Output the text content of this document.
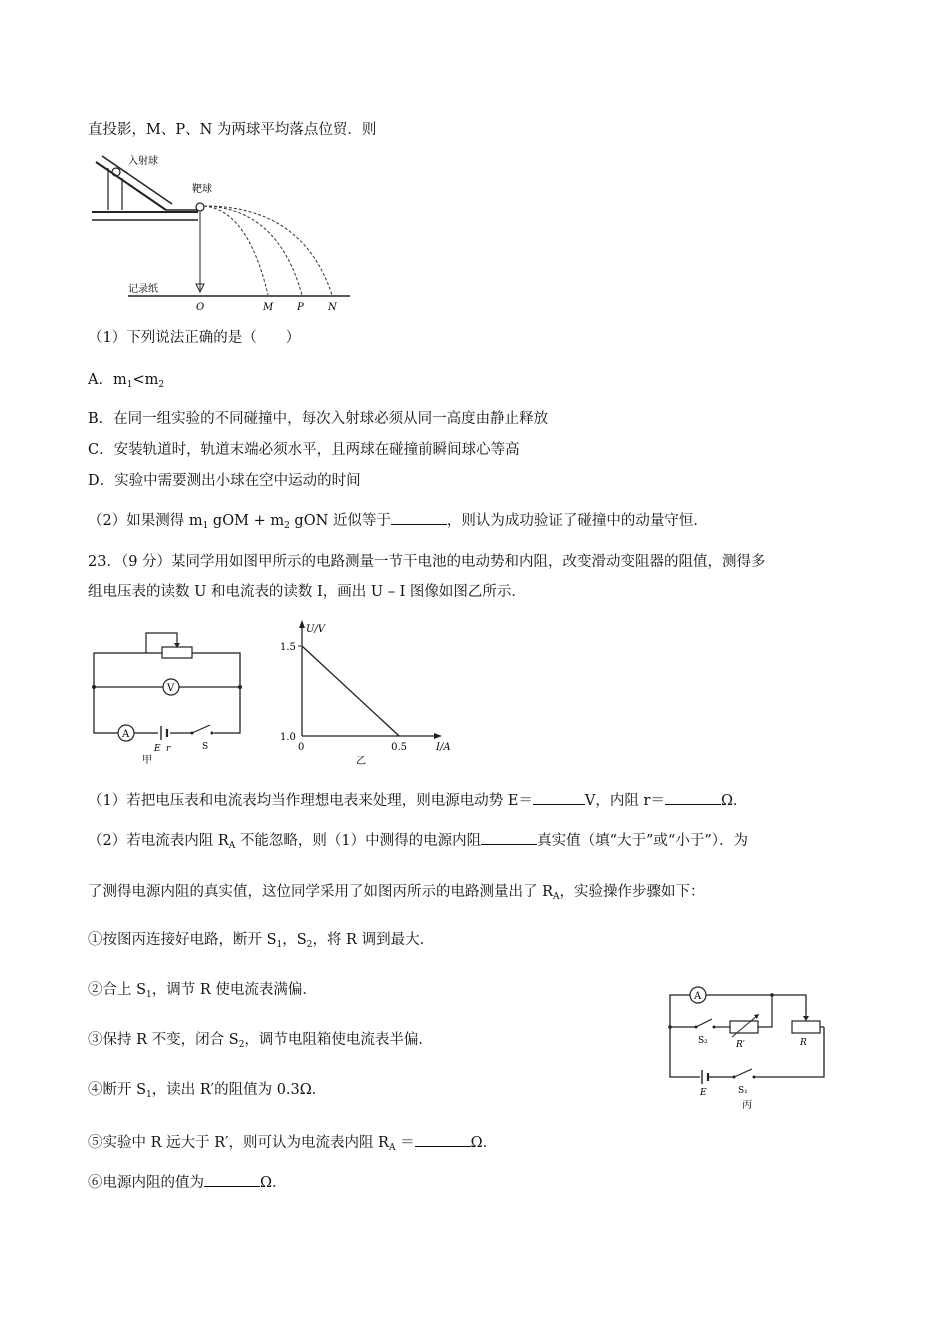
直投影，M、P、N 为两球平均落点位贸．则
入射球
靶球
记录纸
O	M P N
（1）下列说法正确的是（　　）
A．$m_1<m_2$
B．在同一组实验的不同碰撞中，每次入射球必须从同一高度由静止释放
C．安装轨道时，轨道末端必须水平，且两球在碰撞前瞬间球心等高
D．实验中需要测出小球在空中运动的时间
（2）如果测得 $m_1$ gOM + $m_2$ gON 近似等于	，则认为成功验证了碰撞中的动量守恒．
23．（9 分）某同学用如图甲所示的电路测量一节干电池的电动势和内阻，改变滑动变阻器的阻值，测得多
组电压表的读数 U 和电流表的读数 I，画出 U – I 图像如图乙所示．
V
A
E r	S
甲
U/V
I/A
1.5
1.0
0	0.5
乙
（1）若把电压表和电流表均当作理想电表来处理，则电源电动势 E＝	V，内阻 r＝	Ω．
（2）若电流表内阻 $R_A$ 不能忽略，则（1）中测得的电源内阻	真实值（填“大于”或“小于”）．为
了测得电源内阻的真实值，这位同学采用了如图丙所示的电路测量出了 $R_A$，实验操作步骤如下：
①按图丙连接好电路，断开 $S_1$，$S_2$，将 R 调到最大．
②合上 $S_1$，调节 R 使电流表满偏．
③保持 R 不变，闭合 $S_2$，调节电阻箱使电流表半偏．
④断开 $S_1$，读出 R′的阻值为 0.3Ω．
⑤实验中 R 远大于 R′，则可认为电流表内阻 $R_A$ ＝	Ω．
⑥电源内阻的值为	Ω．
A
S₂	R′	R
E	S₁
丙
